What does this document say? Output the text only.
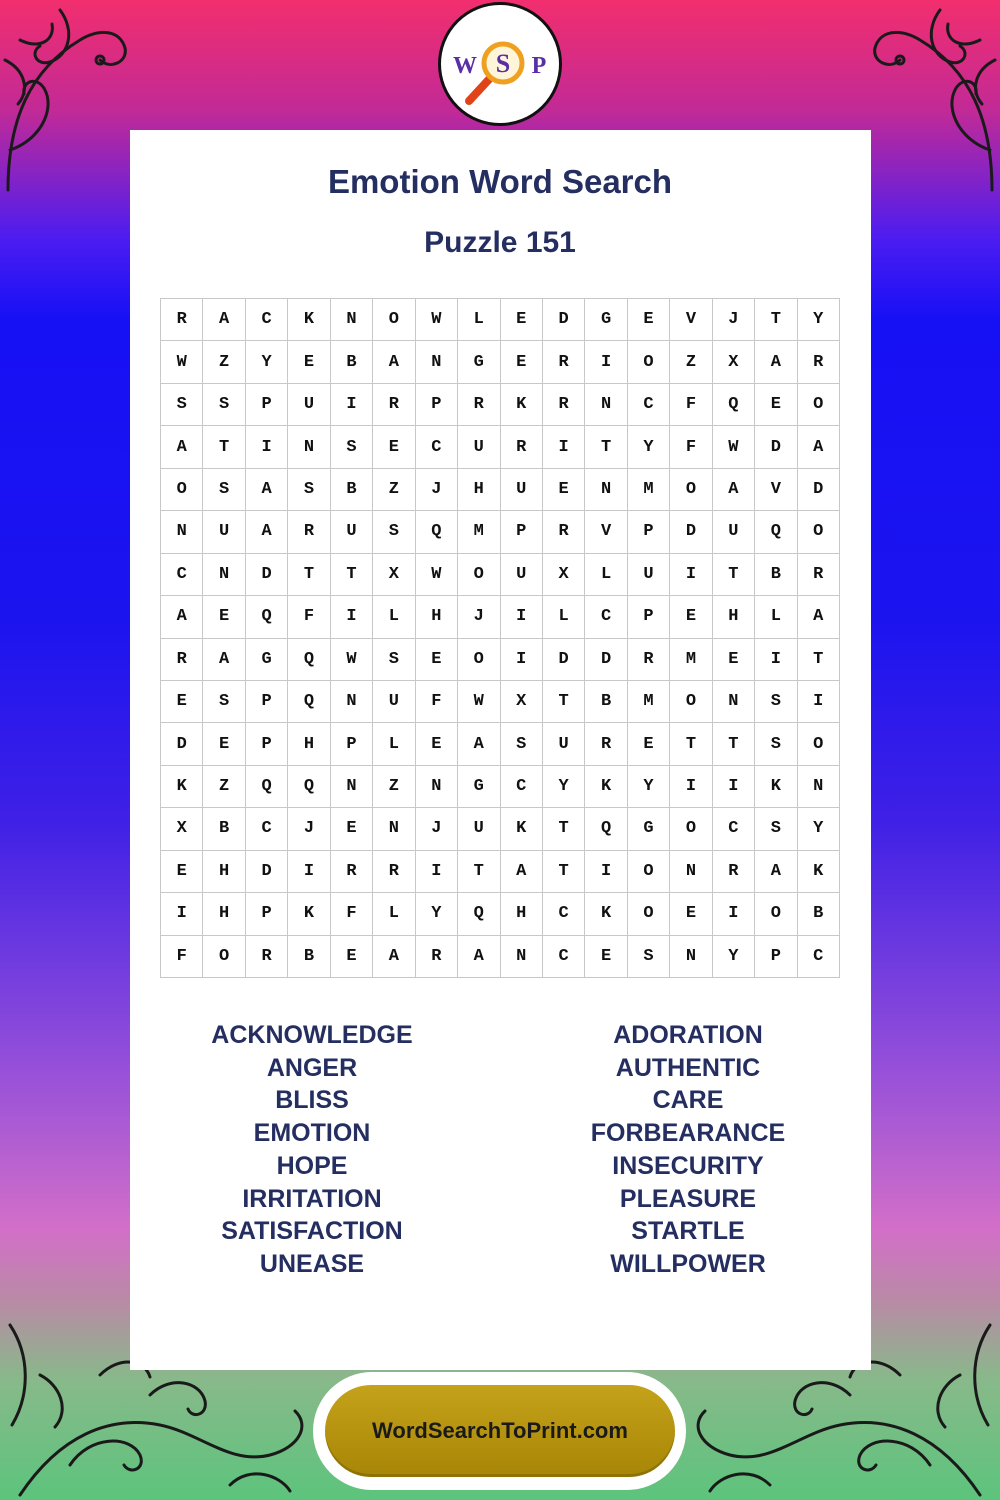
W S P
Emotion Word Search
Puzzle 151
R	A	C	K	N	O	W	L	E	D	G	E	V	J	T	Y
W	Z	Y	E	B	A	N	G	E	R	I	O	Z	X	A	R
S	S	P	U	I	R	P	R	K	R	N	C	F	Q	E	O
A	T	I	N	S	E	C	U	R	I	T	Y	F	W	D	A
O	S	A	S	B	Z	J	H	U	E	N	M	O	A	V	D
N	U	A	R	U	S	Q	M	P	R	V	P	D	U	Q	O
C	N	D	T	T	X	W	O	U	X	L	U	I	T	B	R
A	E	Q	F	I	L	H	J	I	L	C	P	E	H	L	A
R	A	G	Q	W	S	E	O	I	D	D	R	M	E	I	T
E	S	P	Q	N	U	F	W	X	T	B	M	O	N	S	I
D	E	P	H	P	L	E	A	S	U	R	E	T	T	S	O
K	Z	Q	Q	N	Z	N	G	C	Y	K	Y	I	I	K	N
X	B	C	J	E	N	J	U	K	T	Q	G	O	C	S	Y
E	H	D	I	R	R	I	T	A	T	I	O	N	R	A	K
I	H	P	K	F	L	Y	Q	H	C	K	O	E	I	O	B
F	O	R	B	E	A	R	A	N	C	E	S	N	Y	P	C
ACKNOWLEDGE
ANGER
BLISS
EMOTION
HOPE
IRRITATION
SATISFACTION
UNEASE
ADORATION
AUTHENTIC
CARE
FORBEARANCE
INSECURITY
PLEASURE
STARTLE
WILLPOWER
WordSearchToPrint.com
